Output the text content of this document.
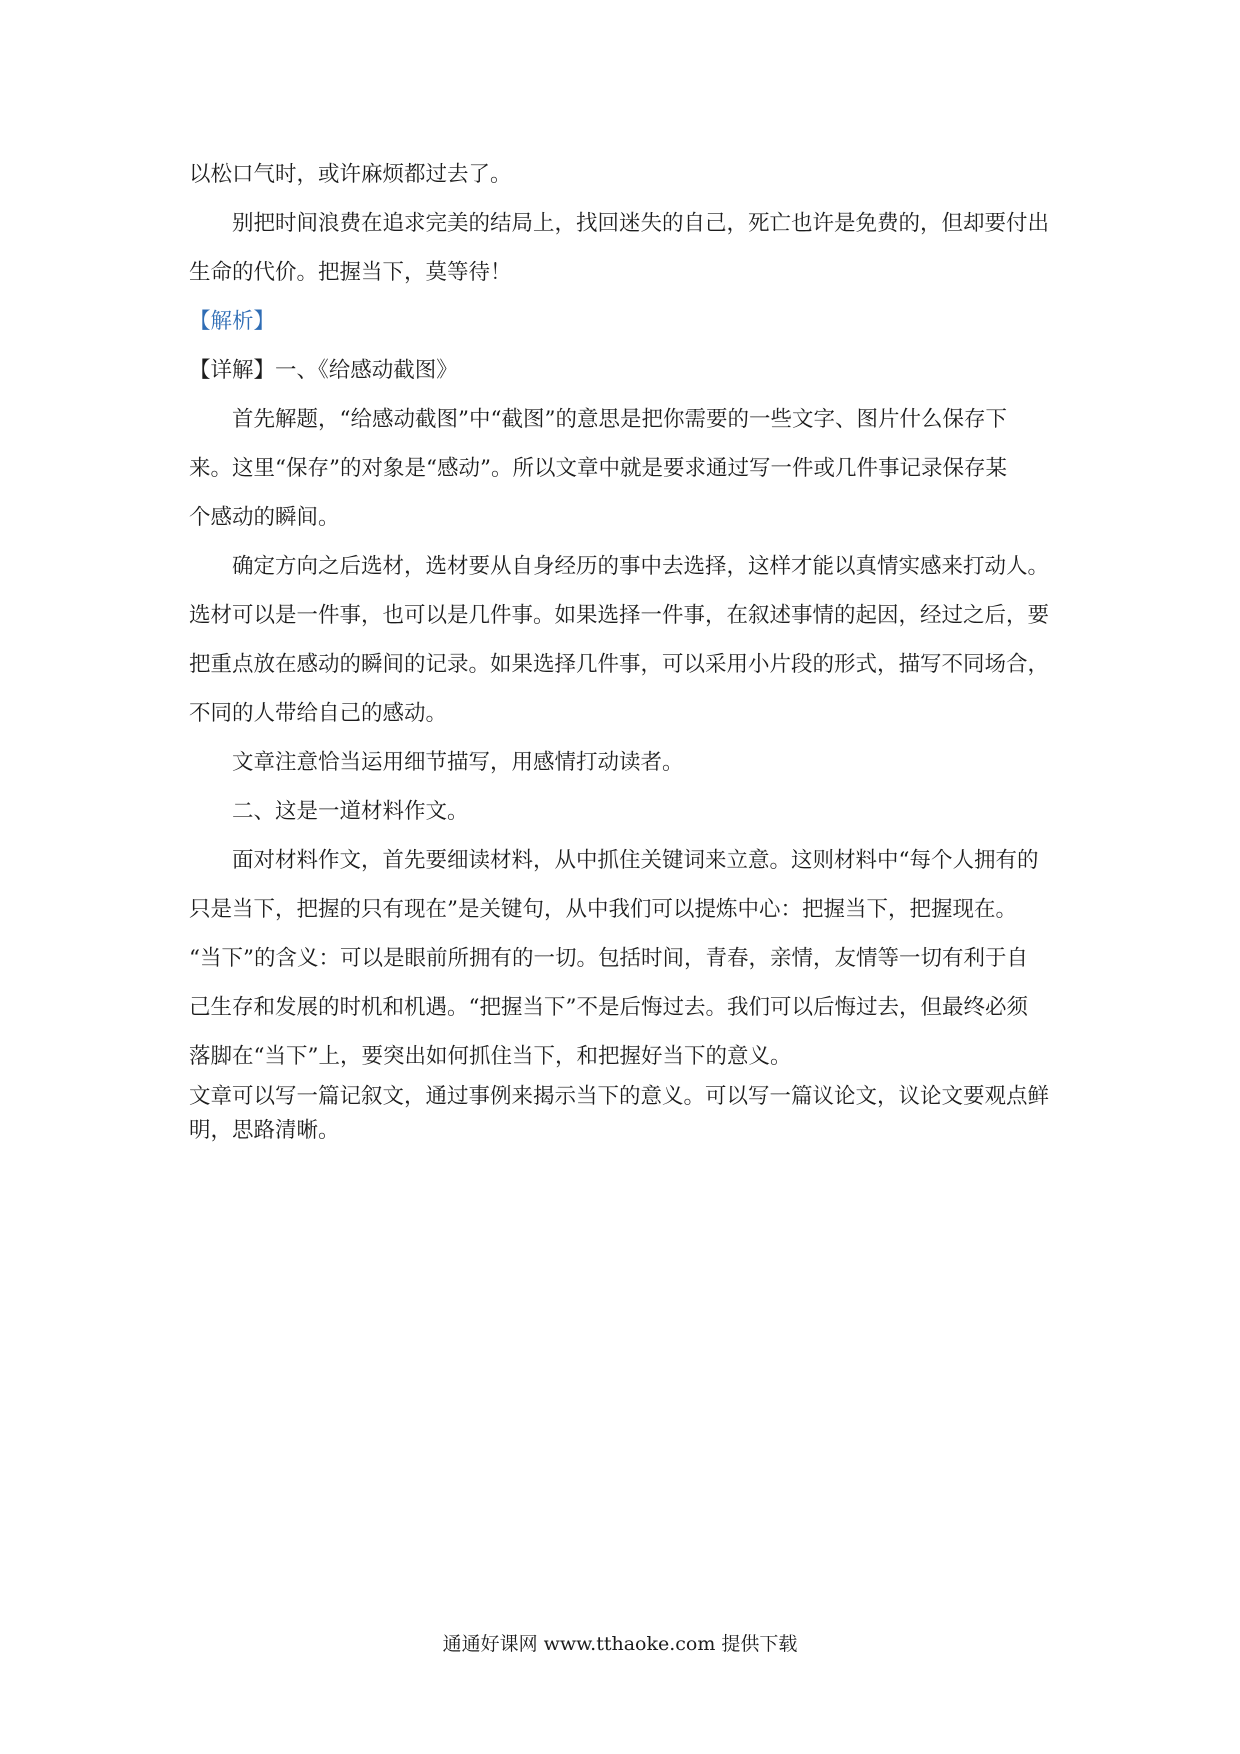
以松口气时，或许麻烦都过去了。
别把时间浪费在追求完美的结局上，找回迷失的自己，死亡也许是免费的，但却要付出
生命的代价。把握当下，莫等待！
【解析】
【详解】一、《给感动截图》
首先解题，“给感动截图”中“截图”的意思是把你需要的一些文字、图片什么保存下
来。这里“保存”的对象是“感动”。所以文章中就是要求通过写一件或几件事记录保存某
个感动的瞬间。
确定方向之后选材，选材要从自身经历的事中去选择，这样才能以真情实感来打动人。
选材可以是一件事，也可以是几件事。如果选择一件事，在叙述事情的起因，经过之后，要
把重点放在感动的瞬间的记录。如果选择几件事，可以采用小片段的形式，描写不同场合，
不同的人带给自己的感动。
文章注意恰当运用细节描写，用感情打动读者。
二、这是一道材料作文。
面对材料作文，首先要细读材料，从中抓住关键词来立意。这则材料中“每个人拥有的
只是当下，把握的只有现在”是关键句，从中我们可以提炼中心：把握当下，把握现在。
“当下”的含义：可以是眼前所拥有的一切。包括时间，青春，亲情，友情等一切有利于自
己生存和发展的时机和机遇。“把握当下”不是后悔过去。我们可以后悔过去，但最终必须
落脚在“当下”上，要突出如何抓住当下，和把握好当下的意义。
文章可以写一篇记叙文，通过事例来揭示当下的意义。可以写一篇议论文，议论文要观点鲜
明，思路清晰。
通通好课网 www.tthaoke.com 提供下载
